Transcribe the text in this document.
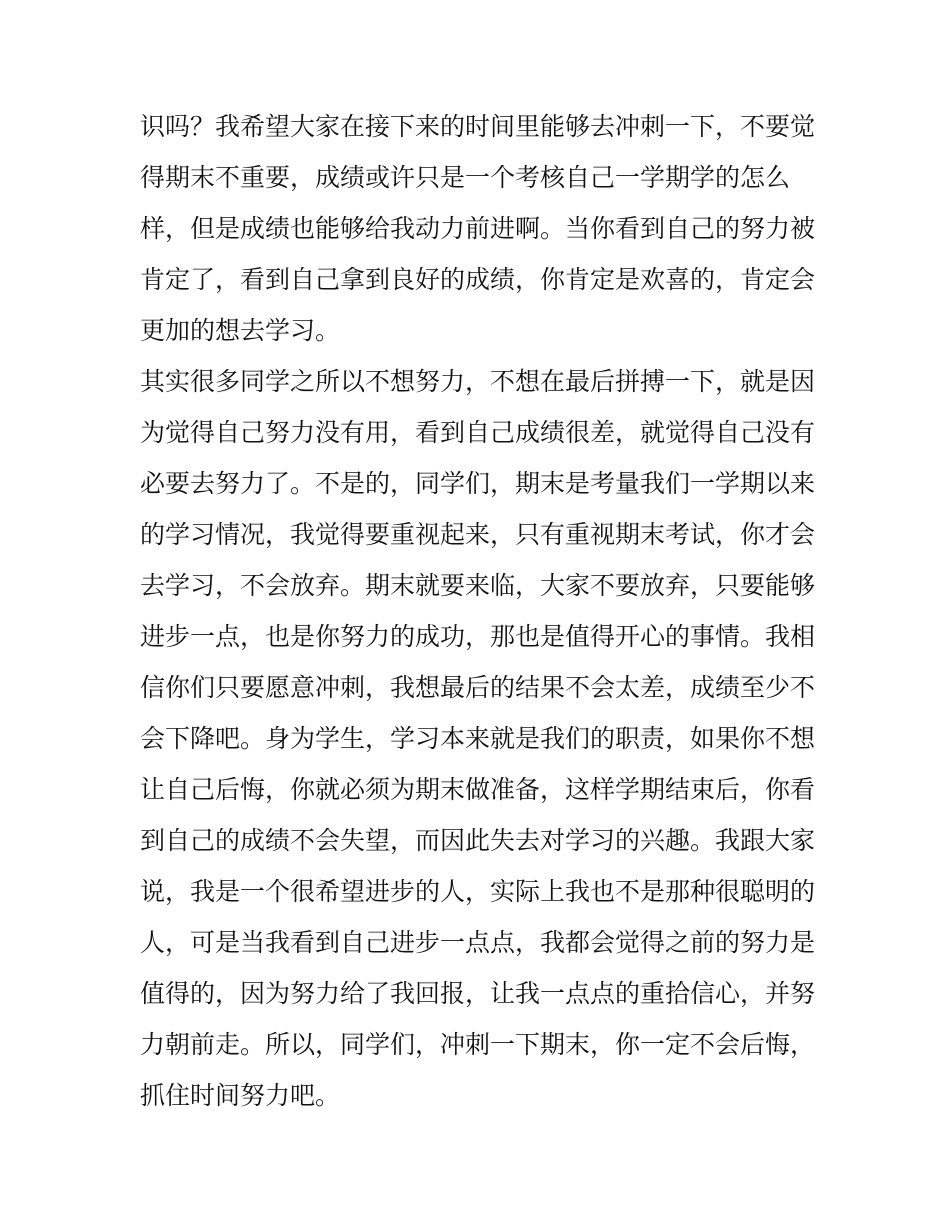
识吗？我希望大家在接下来的时间里能够去冲刺一下，不要觉
得期末不重要，成绩或许只是一个考核自己一学期学的怎么
样，但是成绩也能够给我动力前进啊。当你看到自己的努力被
肯定了，看到自己拿到良好的成绩，你肯定是欢喜的，肯定会
更加的想去学习。
其实很多同学之所以不想努力，不想在最后拼搏一下，就是因
为觉得自己努力没有用，看到自己成绩很差，就觉得自己没有
必要去努力了。不是的，同学们，期末是考量我们一学期以来
的学习情况，我觉得要重视起来，只有重视期末考试，你才会
去学习，不会放弃。期末就要来临，大家不要放弃，只要能够
进步一点，也是你努力的成功，那也是值得开心的事情。我相
信你们只要愿意冲刺，我想最后的结果不会太差，成绩至少不
会下降吧。身为学生，学习本来就是我们的职责，如果你不想
让自己后悔，你就必须为期末做准备，这样学期结束后，你看
到自己的成绩不会失望，而因此失去对学习的兴趣。我跟大家
说，我是一个很希望进步的人，实际上我也不是那种很聪明的
人，可是当我看到自己进步一点点，我都会觉得之前的努力是
值得的，因为努力给了我回报，让我一点点的重拾信心，并努
力朝前走。所以，同学们，冲刺一下期末，你一定不会后悔，
抓住时间努力吧。
